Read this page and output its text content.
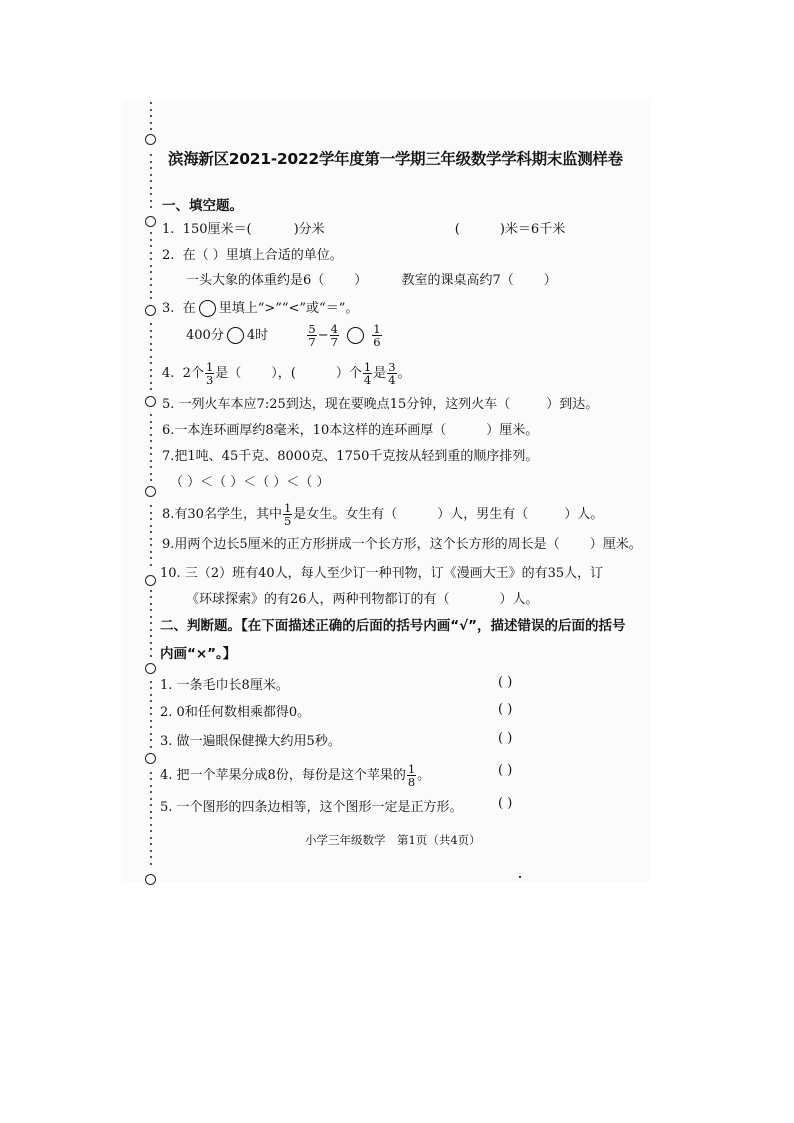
滨海新区2021-2022学年度第一学期三年级数学学科期末监测样卷
一、填空题。
1. 150厘米＝(	)分米	(	)米＝6千米
2. 在（ ）里填上合适的单位。
一头大象的体重约是6（ ）	教室的课桌高约7（ ）
3. 在 里填上“>”“<”或“＝”。
400分 4时	$\frac{5}{7} - \frac{4}{7}$
	$\frac{1}{6}$
4. 2个 $\frac{1}{3}$ 是（ ），(	）个 $\frac{1}{4}$ 是 $\frac{3}{4}$ 。
5. 一列火车本应7:25到达，现在要晚点15分钟，这列火车（	）到达。
6.一本连环画厚约8毫米，10本这样的连环画厚（	）厘米。
7.把1吨、45千克、8000克、1750千克按从轻到重的顺序排列。
（ ）＜（ ）＜（ ）＜（ ）
8.有30名学生，其中 $\frac{1}{5}$ 是女生。女生有（	）人，男生有（	）人。
9.用两个边长5厘米的正方形拼成一个长方形，这个长方形的周长是（ ）厘米。
10. 三（2）班有40人，每人至少订一种刊物，订《漫画大王》的有35人，订
《环球探索》的有26人，两种刊物都订的有（	）人。
二、判断题。【在下面描述正确的后面的括号内画“√”，描述错误的后面的括号
内画“×”。】
1. 一条毛巾长8厘米。	( )
2. 0和任何数相乘都得0。	( )
3. 做一遍眼保健操大约用5秒。	( )
4. 把一个苹果分成8份，每份是这个苹果的 $\frac{1}{8}$ 。	( )
5. 一个图形的四条边相等，这个图形一定是正方形。	( )
小学三年级数学　第1页（共4页）
